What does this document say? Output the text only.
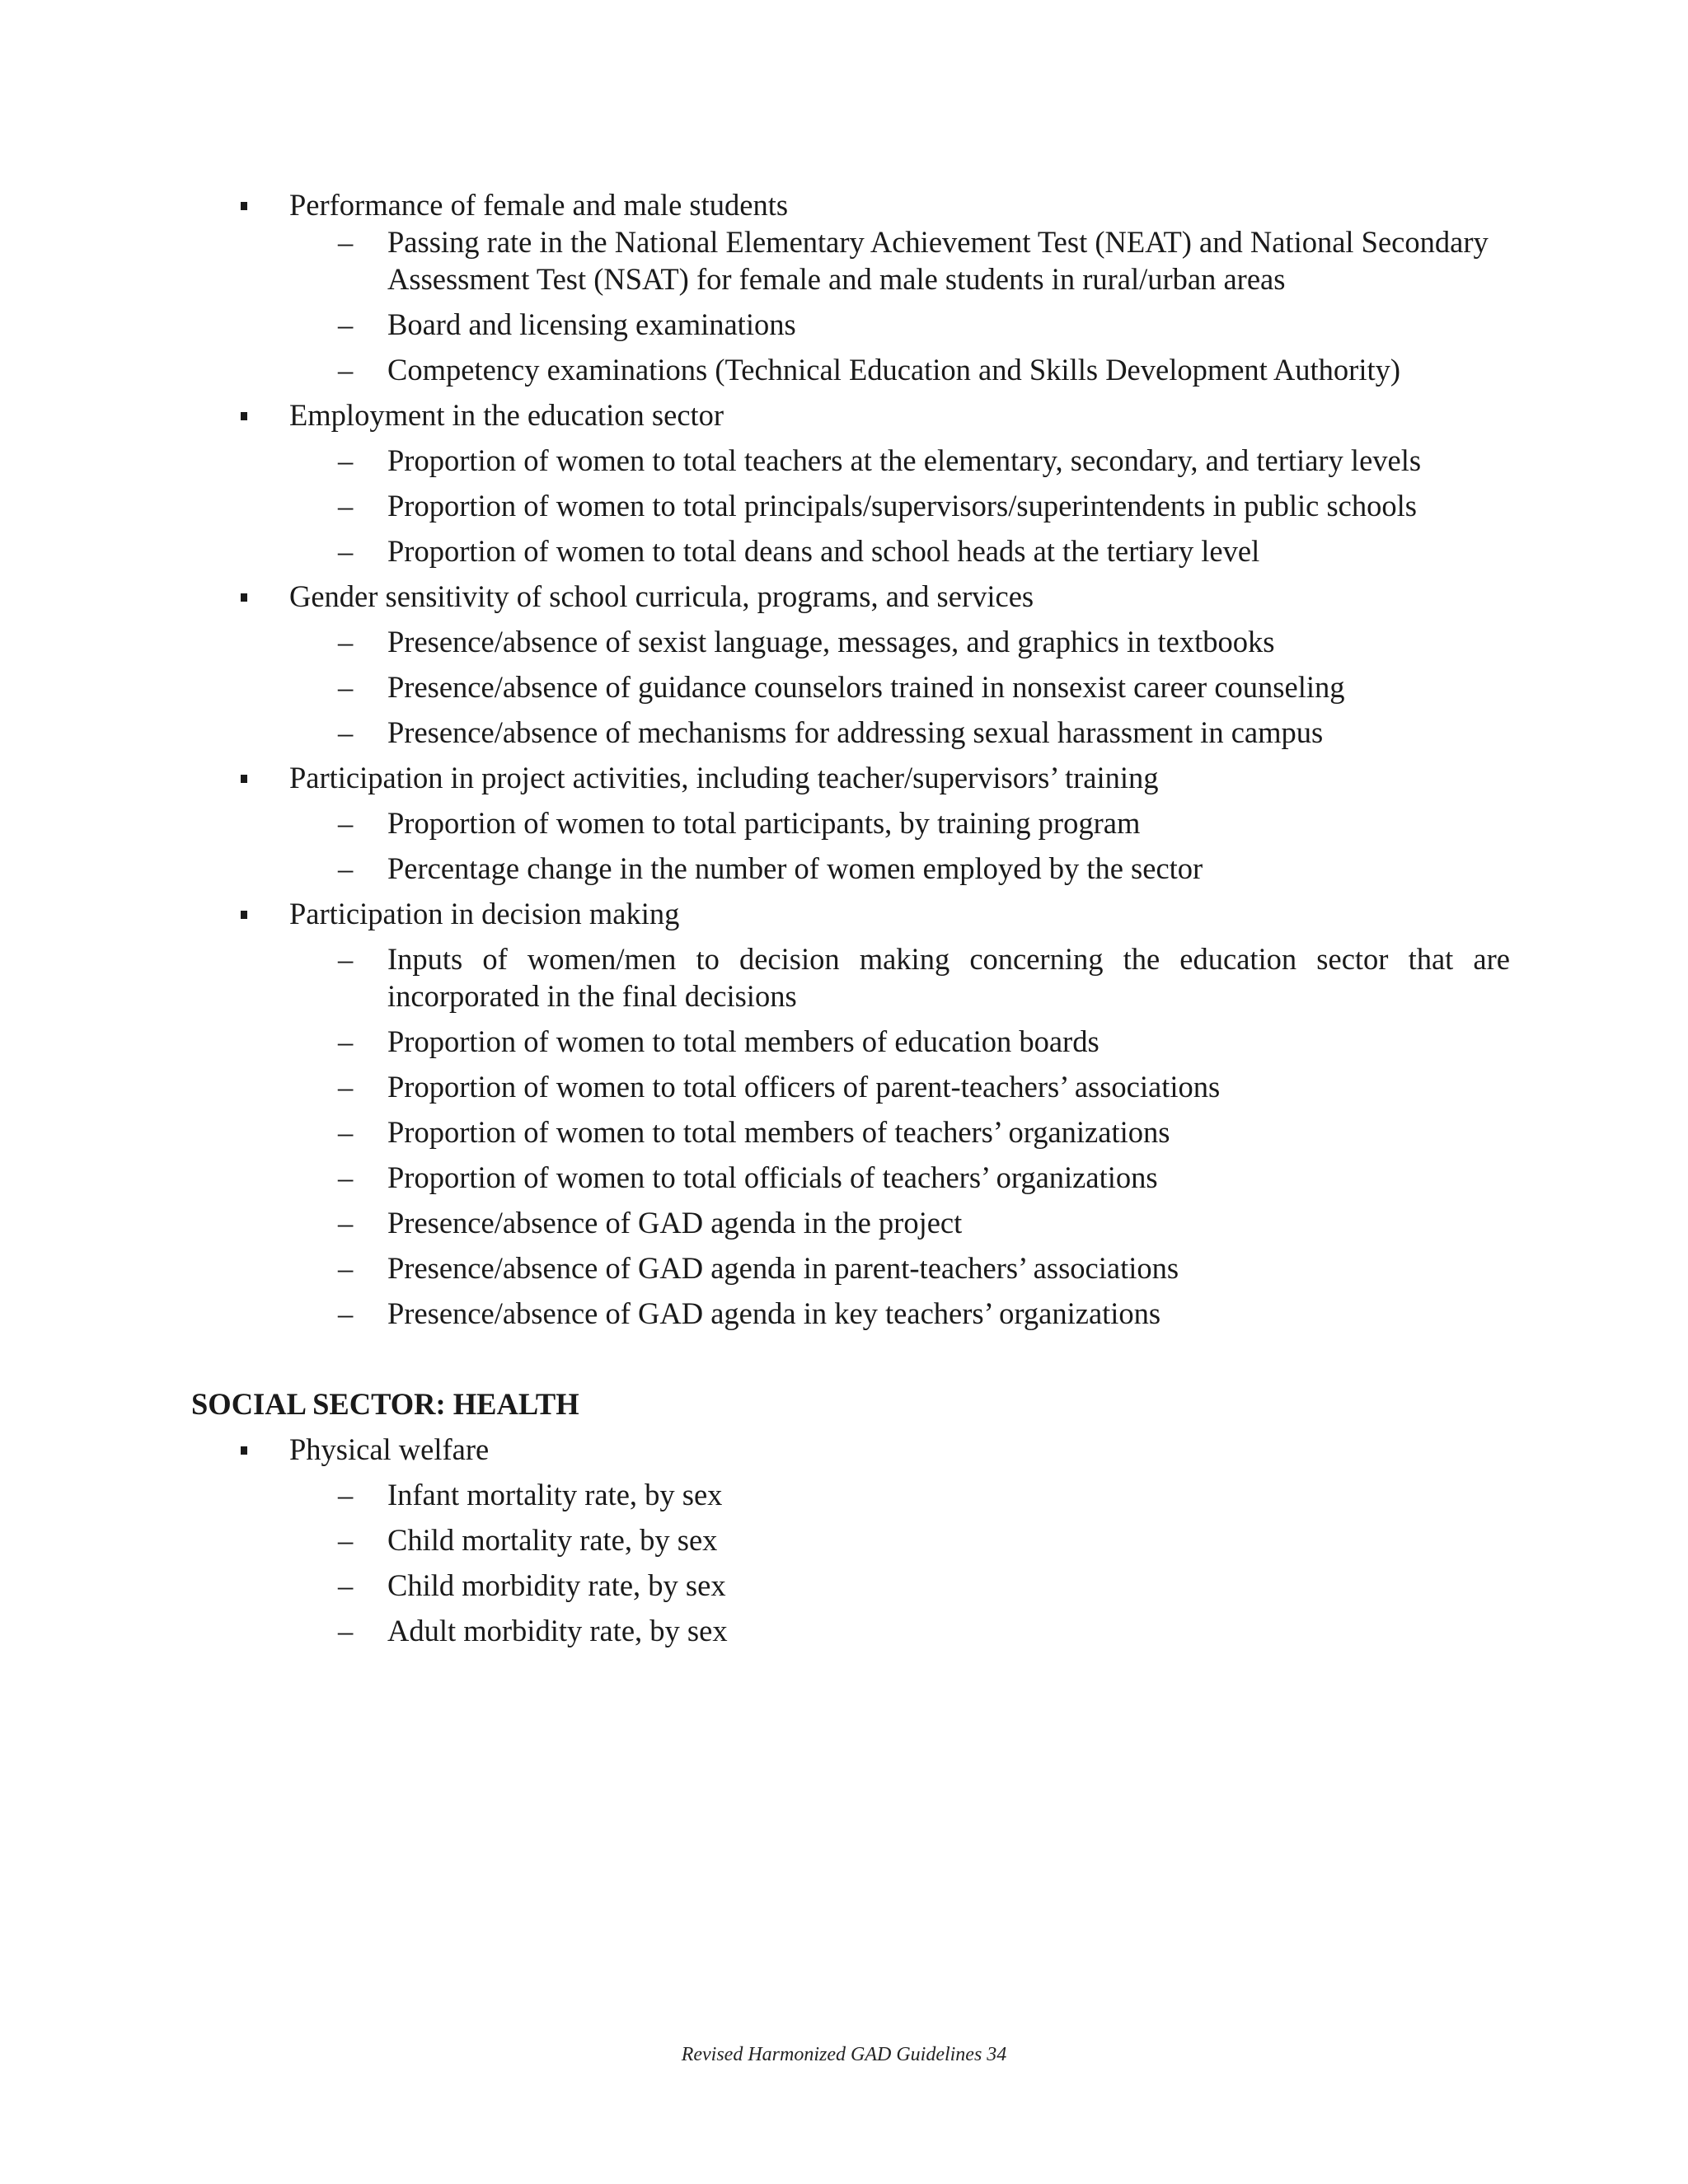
Performance of female and male students
– Passing rate in the National Elementary Achievement Test (NEAT) and National Secondary Assessment Test (NSAT) for female and male students in rural/urban areas
– Board and licensing examinations
– Competency examinations (Technical Education and Skills Development Authority)
Employment in the education sector
– Proportion of women to total teachers at the elementary, secondary, and tertiary levels
– Proportion of women to total principals/supervisors/superintendents in public schools
– Proportion of women to total deans and school heads at the tertiary level
Gender sensitivity of school curricula, programs, and services
– Presence/absence of sexist language, messages, and graphics in textbooks
– Presence/absence of guidance counselors trained in nonsexist career counseling
– Presence/absence of mechanisms for addressing sexual harassment in campus
Participation in project activities, including teacher/supervisors’ training
– Proportion of women to total participants, by training program
– Percentage change in the number of women employed by the sector
Participation in decision making
– Inputs of women/men to decision making concerning the education sector that are incorporated in the final decisions
– Proportion of women to total members of education boards
– Proportion of women to total officers of parent-teachers’ associations
– Proportion of women to total members of teachers’ organizations
– Proportion of women to total officials of teachers’ organizations
– Presence/absence of GAD agenda in the project
– Presence/absence of GAD agenda in parent-teachers’ associations
– Presence/absence of GAD agenda in key teachers’ organizations
SOCIAL SECTOR: HEALTH
Physical welfare
– Infant mortality rate, by sex
– Child mortality rate, by sex
– Child morbidity rate, by sex
– Adult morbidity rate, by sex
Revised Harmonized GAD Guidelines 34
